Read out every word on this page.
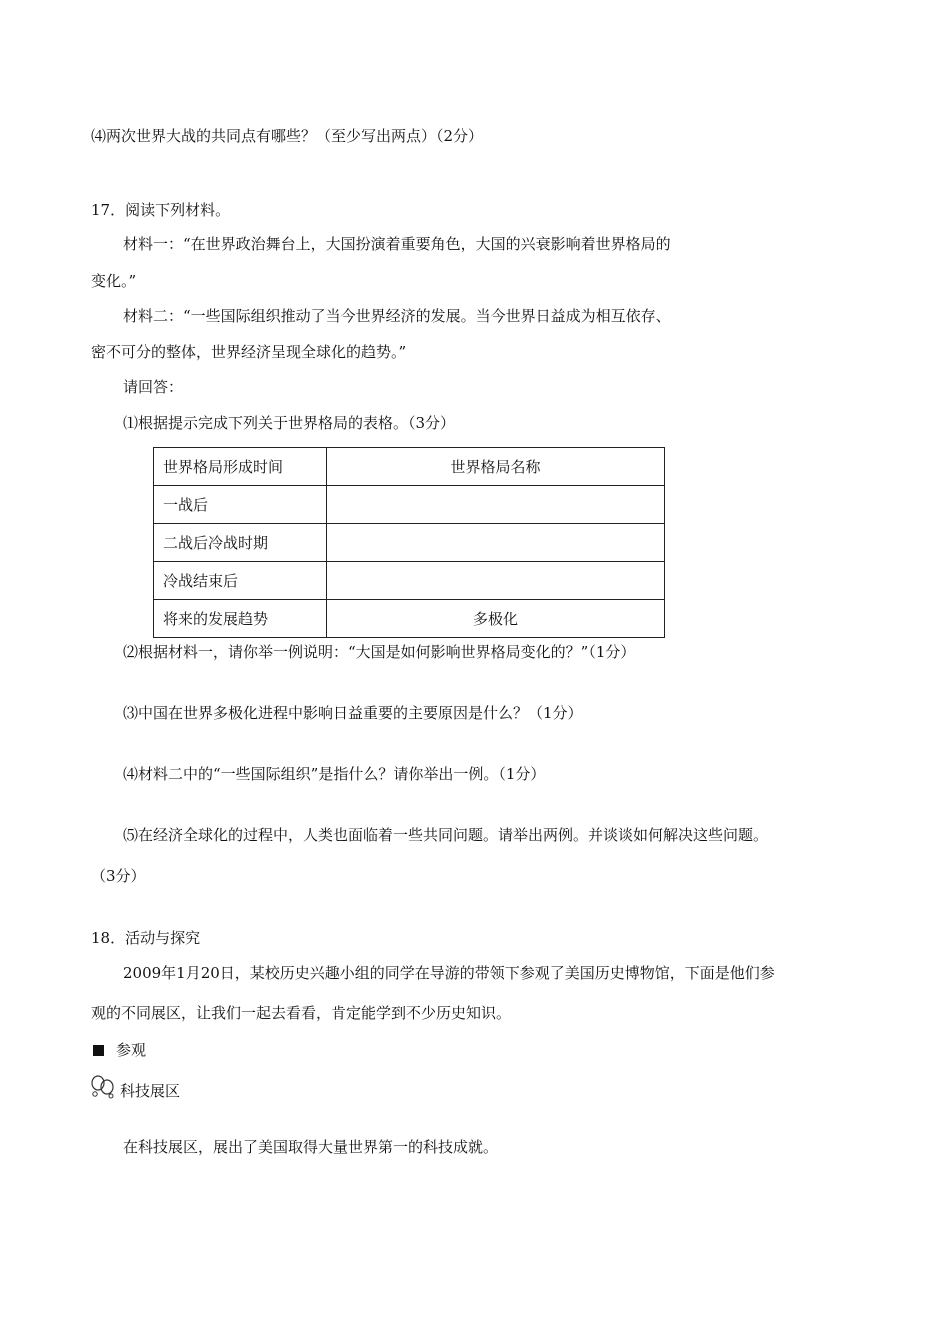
⑷两次世界大战的共同点有哪些？（至少写出两点）（2分）
17．阅读下列材料。
材料一：“在世界政治舞台上，大国扮演着重要角色，大国的兴衰影响着世界格局的
变化。”
材料二：“一些国际组织推动了当今世界经济的发展。当今世界日益成为相互依存、
密不可分的整体，世界经济呈现全球化的趋势。”
请回答：
⑴根据提示完成下列关于世界格局的表格。（3分）
世界格局形成时间	世界格局名称
一战后	
二战后冷战时期	
冷战结束后	
将来的发展趋势	多极化
⑵根据材料一，请你举一例说明：“大国是如何影响世界格局变化的？”（1分）
⑶中国在世界多极化进程中影响日益重要的主要原因是什么？（1分）
⑷材料二中的“一些国际组织”是指什么？请你举出一例。（1分）
⑸在经济全球化的过程中，人类也面临着一些共同问题。请举出两例。并谈谈如何解决这些问题。
（3分）
18．活动与探究
2009年1月20日，某校历史兴趣小组的同学在导游的带领下参观了美国历史博物馆，下面是他们参
观的不同展区，让我们一起去看看，肯定能学到不少历史知识。
参观
科技展区
在科技展区，展出了美国取得大量世界第一的科技成就。
